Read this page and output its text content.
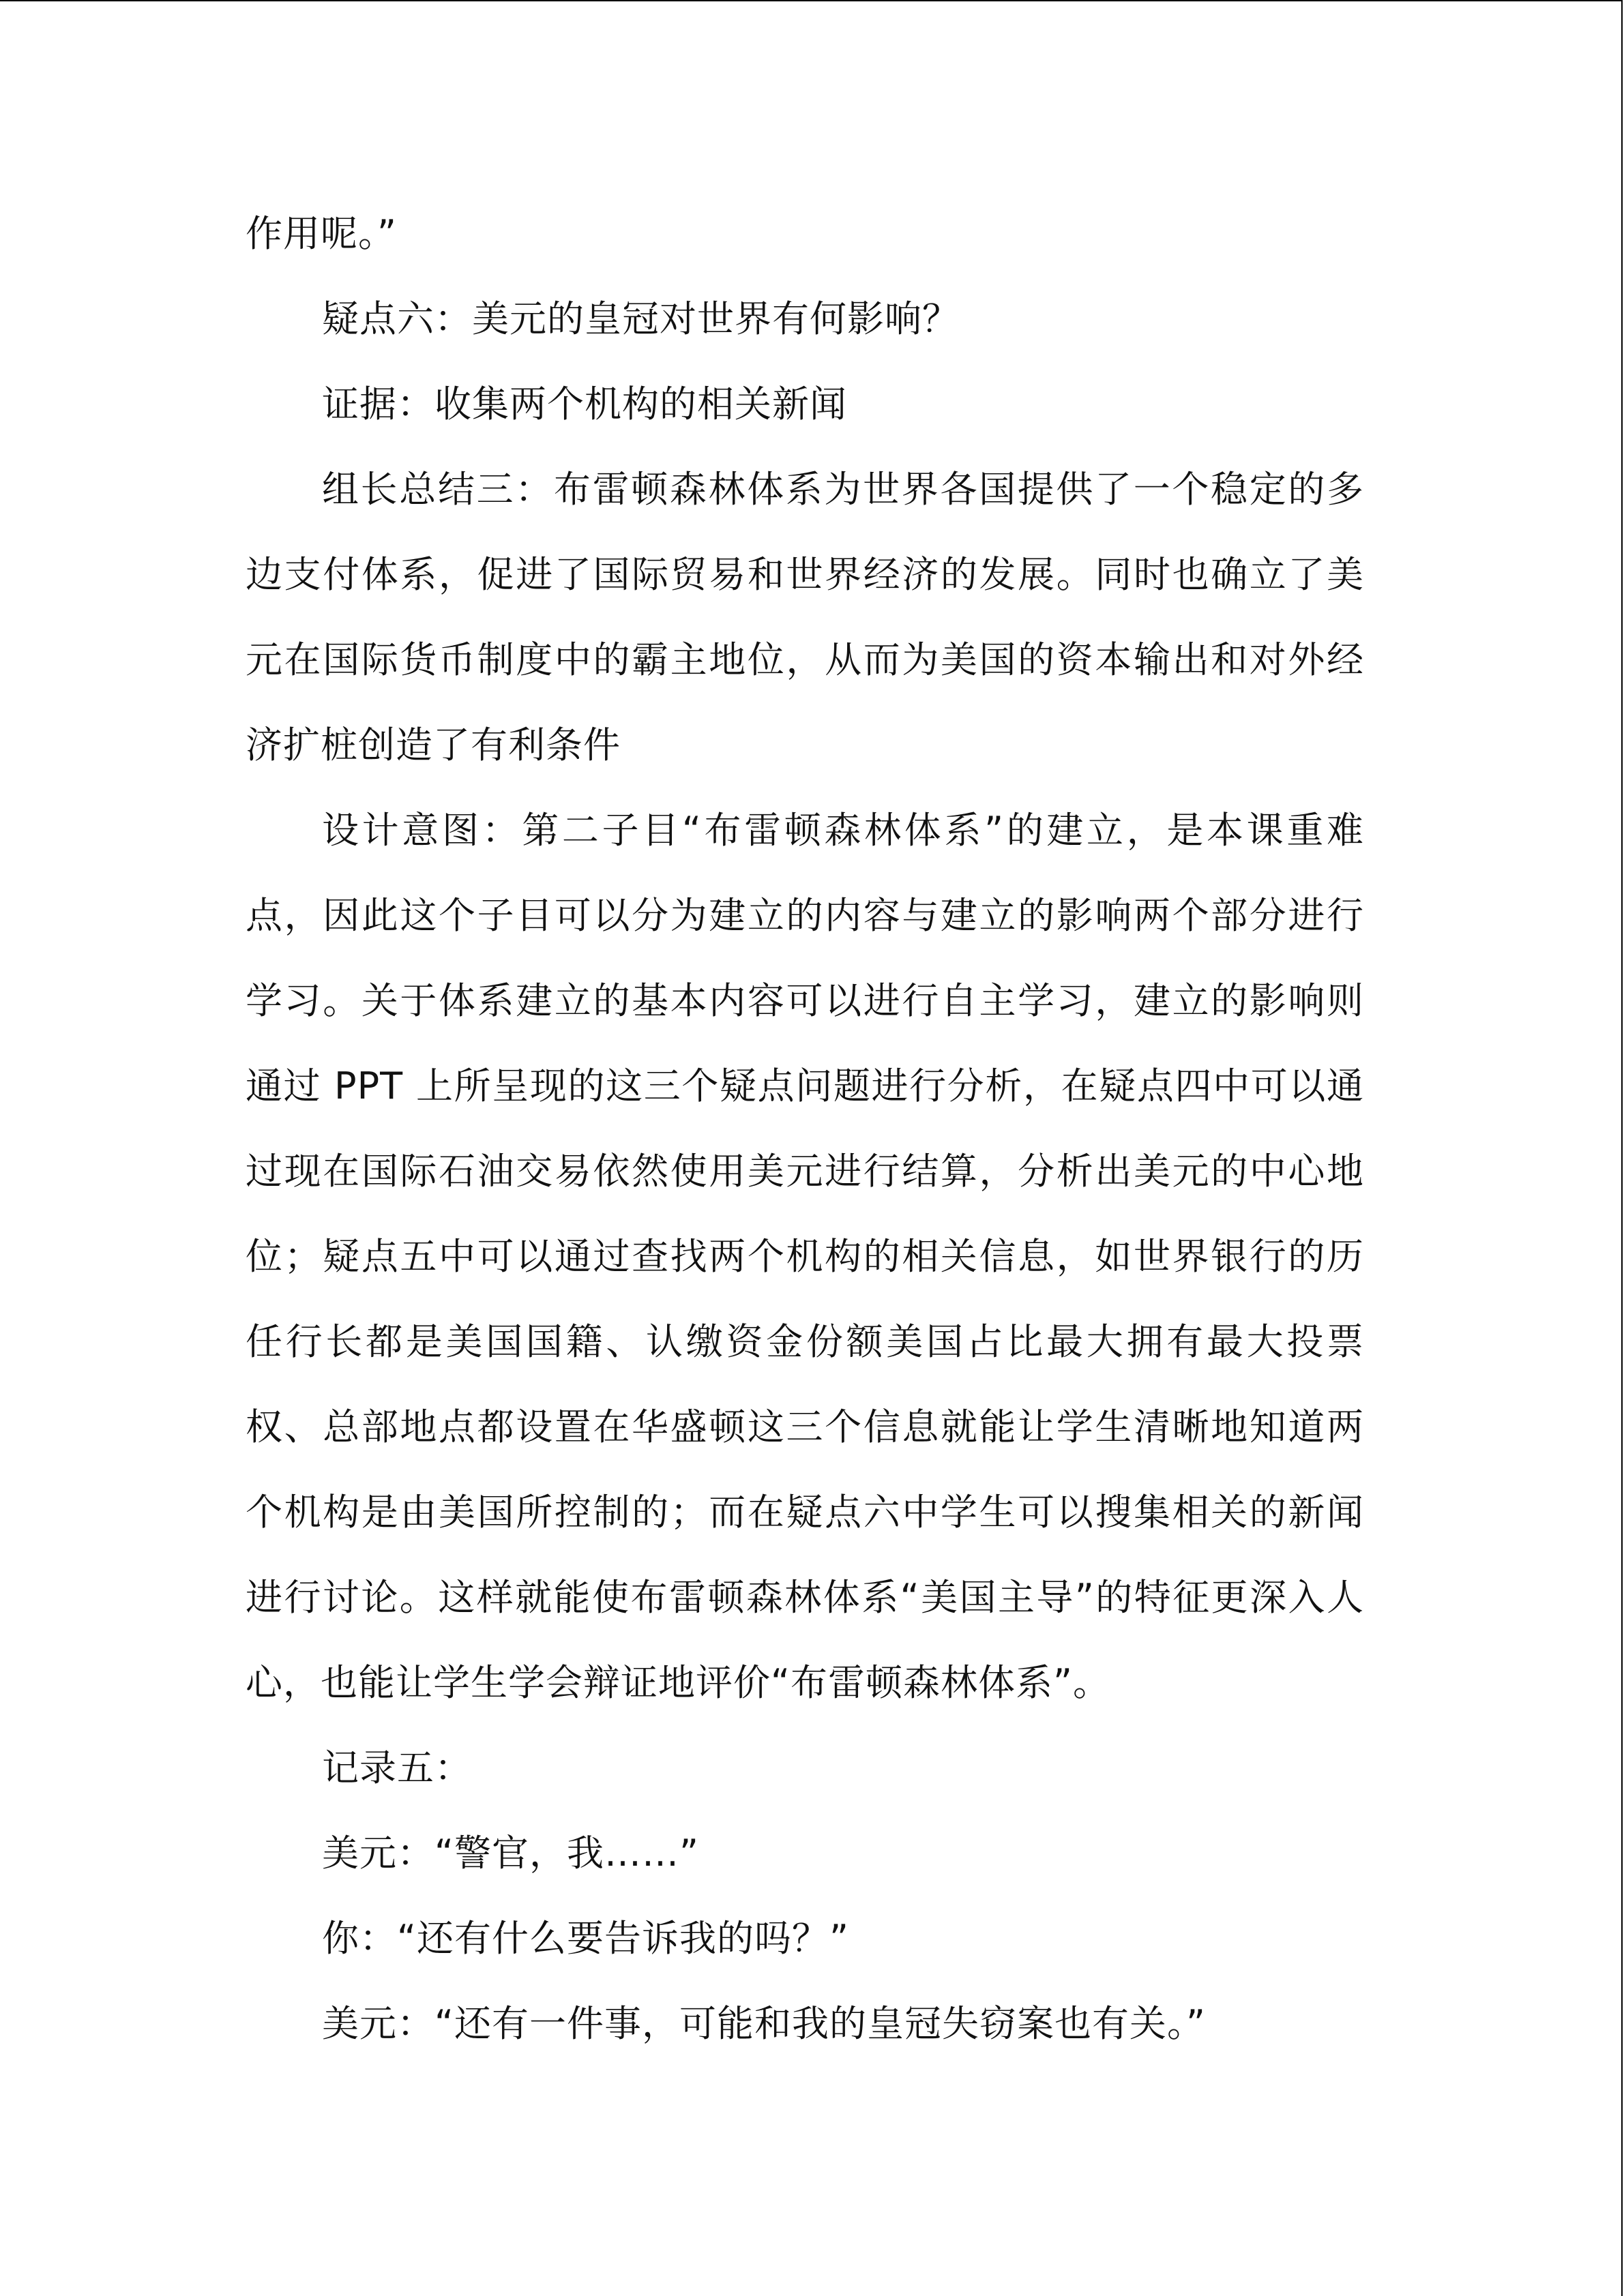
作用呢。”

疑点六：美元的皇冠对世界有何影响？

证据：收集两个机构的相关新闻

组长总结三：布雷顿森林体系为世界各国提供了一个稳定的多边支付体系，促进了国际贸易和世界经济的发展。同时也确立了美元在国际货币制度中的霸主地位，从而为美国的资本输出和对外经济扩桩创造了有利条件

设计意图：第二子目“布雷顿森林体系”的建立，是本课重难点，因此这个子目可以分为建立的内容与建立的影响两个部分进行学习。关于体系建立的基本内容可以进行自主学习，建立的影响则通过 PPT 上所呈现的这三个疑点问题进行分析，在疑点四中可以通过现在国际石油交易依然使用美元进行结算，分析出美元的中心地位；疑点五中可以通过查找两个机构的相关信息，如世界银行的历任行长都是美国国籍、认缴资金份额美国占比最大拥有最大投票权、总部地点都设置在华盛顿这三个信息就能让学生清晰地知道两个机构是由美国所控制的；而在疑点六中学生可以搜集相关的新闻进行讨论。这样就能使布雷顿森林体系“美国主导”的特征更深入人心，也能让学生学会辩证地评价“布雷顿森林体系”。

记录五：

美元：“警官，我……”

你：“还有什么要告诉我的吗？”

美元：“还有一件事，可能和我的皇冠失窃案也有关。”
